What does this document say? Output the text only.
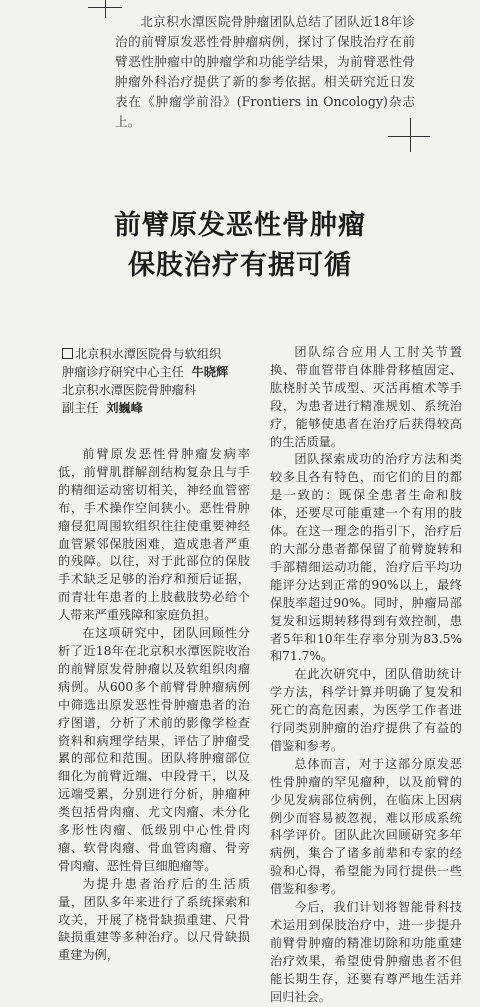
北京积水潭医院骨肿瘤团队总结了团队近18年诊治的前臂原发恶性骨肿瘤病例，探讨了保肢治疗在前臂恶性肿瘤中的肿瘤学和功能学结果，为前臂恶性骨肿瘤外科治疗提供了新的参考依据。相关研究近日发表在《肿瘤学前沿》(Frontiers in Oncology)杂志上。

前臂原发恶性骨肿瘤
保肢治疗有据可循
北京积水潭医院骨与软组织
肿瘤诊疗研究中心主任 牛晓辉
北京积水潭医院骨肿瘤科
副主任 刘巍峰

前臂原发恶性骨肿瘤发病率低，前臂肌群解剖结构复杂且与手的精细运动密切相关，神经血管密布，手术操作空间狭小。恶性骨肿瘤侵犯周围软组织往往使重要神经血管紧邻保肢困难，造成患者严重的残障。以往，对于此部位的保肢手术缺乏足够的治疗和预后证据，而青壮年患者的上肢截肢势必给个人带来严重残障和家庭负担。

在这项研究中，团队回顾性分析了近18年在北京积水潭医院收治的前臂原发骨肿瘤以及软组织肉瘤病例。从600多个前臂骨肿瘤病例中筛选出原发恶性骨肿瘤患者的治疗图谱，分析了术前的影像学检查资料和病理学结果，评估了肿瘤受累的部位和范围。团队将肿瘤部位细化为前臂近端、中段骨干，以及远端受累，分别进行分析，肿瘤种类包括骨肉瘤、尤文肉瘤、未分化多形性肉瘤、低级别中心性骨肉瘤、软骨肉瘤、骨血管肉瘤、骨旁骨肉瘤、恶性骨巨细胞瘤等。

为提升患者治疗后的生活质量，团队多年来进行了系统探索和攻关，开展了桡骨缺损重建、尺骨缺损重建等多种治疗。以尺骨缺损重建为例，

团队综合应用人工肘关节置换、带血管带自体腓骨移植固定、肱桡肘关节成型、灭活再植术等手段，为患者进行精准规划、系统治疗，能够使患者在治疗后获得较高的生活质量。

团队探索成功的治疗方法和类较多且各有特色，而它们的目的都是一致的：既保全患者生命和肢体，还要尽可能重建一个有用的肢体。在这一理念的指引下，治疗后的大部分患者都保留了前臂旋转和手部精细运动功能，治疗后平均功能评分达到正常的90%以上，最终保肢率超过90%。同时，肿瘤局部复发和远期转移得到有效控制，患者5年和10年生存率分别为83.5%和71.7%。

在此次研究中，团队借助统计学方法，科学计算并明确了复发和死亡的高危因素，为医学工作者进行同类别肿瘤的治疗提供了有益的借鉴和参考。

总体而言，对于这部分原发恶性骨肿瘤的罕见瘤种，以及前臂的少见发病部位病例，在临床上因病例少而容易被忽视，难以形成系统科学评价。团队此次回顾研究多年病例，集合了诸多前辈和专家的经验和心得，希望能为同行提供一些借鉴和参考。

今后，我们计划将智能骨科技术运用到保肢治疗中，进一步提升前臂骨肿瘤的精准切除和功能重建治疗效果，希望使骨肿瘤患者不但能长期生存，还要有尊严地生活并回归社会。
